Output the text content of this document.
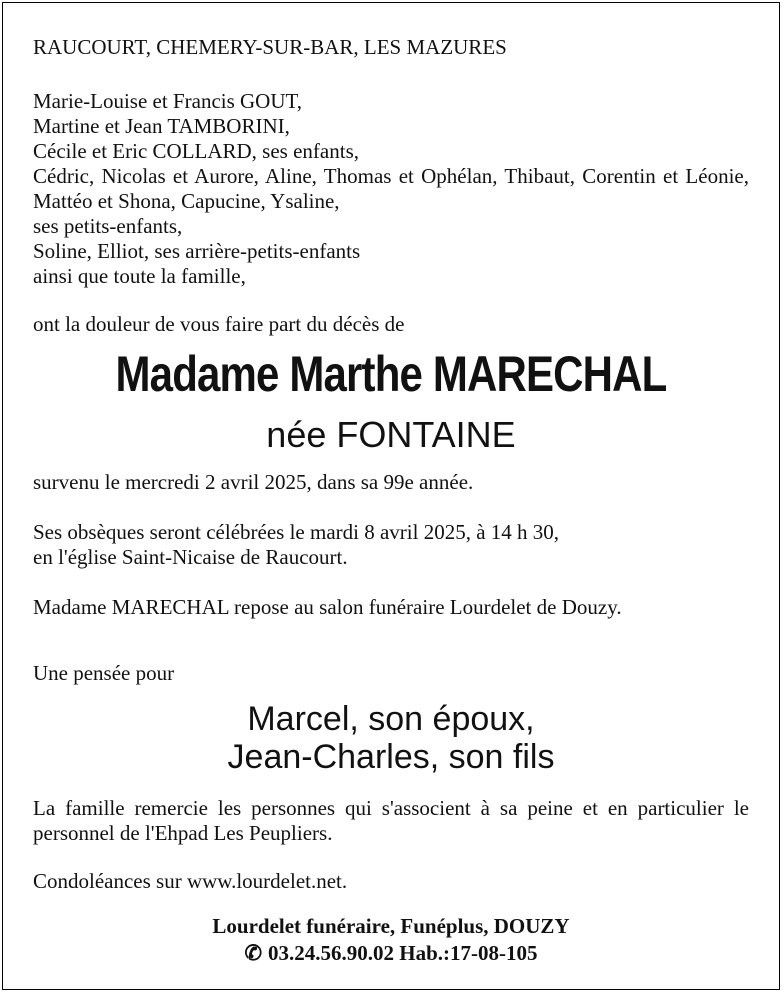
RAUCOURT, CHEMERY-SUR-BAR, LES MAZURES

Marie-Louise et Francis GOUT,
Martine et Jean TAMBORINI,
Cécile et Eric COLLARD, ses enfants,
Cédric, Nicolas et Aurore, Aline, Thomas et Ophélan, Thibaut, Corentin et Léonie, Mattéo et Shona, Capucine, Ysaline,
ses petits-enfants,
Soline, Elliot, ses arrière-petits-enfants
ainsi que toute la famille,

ont la douleur de vous faire part du décès de

Madame Marthe MARECHAL
née FONTAINE

survenu le mercredi 2 avril 2025, dans sa 99e année.

Ses obsèques seront célébrées le mardi 8 avril 2025, à 14 h 30,
en l'église Saint-Nicaise de Raucourt.

Madame MARECHAL repose au salon funéraire Lourdelet de Douzy.

Une pensée pour

Marcel, son époux,
Jean-Charles, son fils

La famille remercie les personnes qui s'associent à sa peine et en particulier le personnel de l'Ehpad Les Peupliers.

Condoléances sur www.lourdelet.net.

Lourdelet funéraire, Funéplus, DOUZY
✆ 03.24.56.90.02 Hab.:17-08-105
